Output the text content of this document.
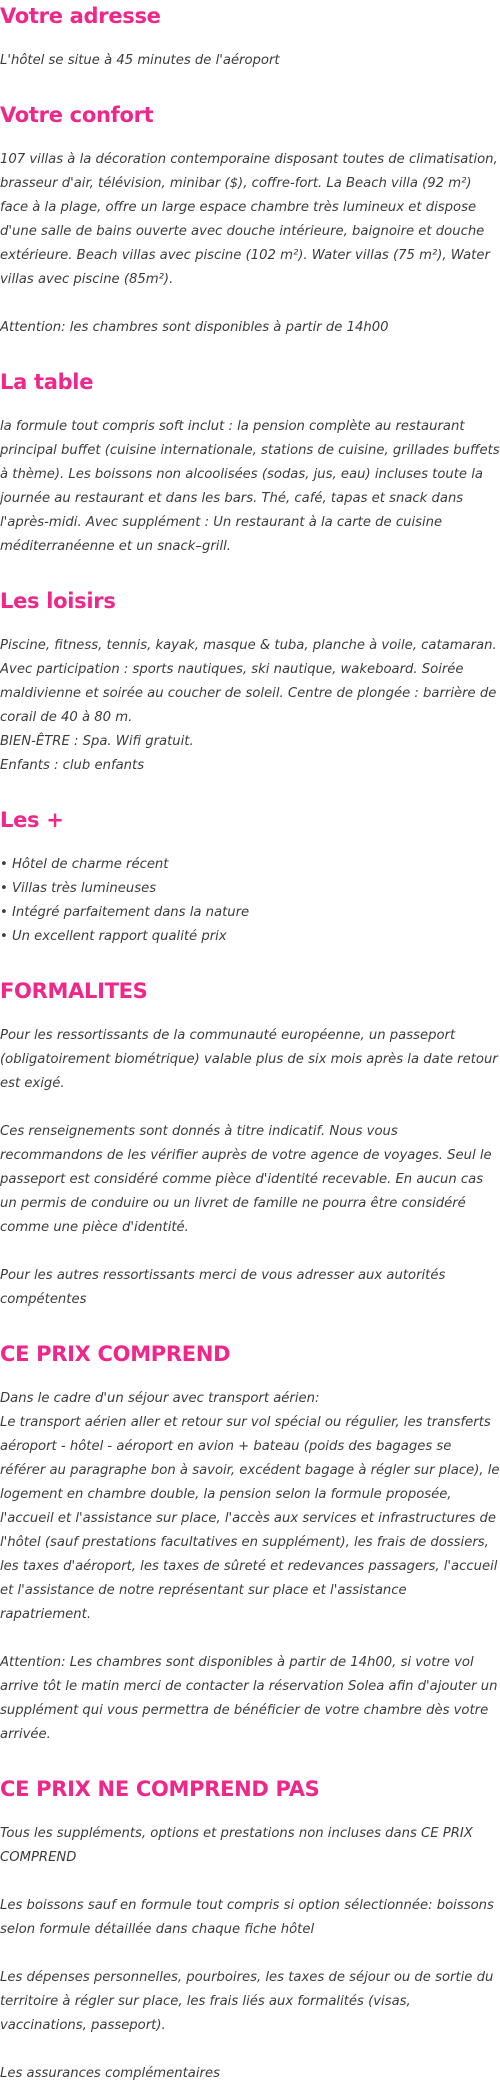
Votre adresse

L'hôtel se situe à 45 minutes de l'aéroport

Votre confort

107 villas à la décoration contemporaine disposant toutes de climatisation, brasseur d'air, télévision, minibar ($), coffre-fort. La Beach villa (92 m²) face à la plage, offre un large espace chambre très lumineux et dispose d'une salle de bains ouverte avec douche intérieure, baignoire et douche extérieure. Beach villas avec piscine (102 m²). Water villas (75 m²), Water villas avec piscine (85m²).

Attention: les chambres sont disponibles à partir de 14h00

La table

la formule tout compris soft inclut : la pension complète au restaurant principal buffet (cuisine internationale, stations de cuisine, grillades buffets à thème). Les boissons non alcoolisées (sodas, jus, eau) incluses toute la journée au restaurant et dans les bars. Thé, café, tapas et snack dans l'après-midi. Avec supplément : Un restaurant à la carte de cuisine méditerranéenne et un snack–grill.

Les loisirs

Piscine, fitness, tennis, kayak, masque & tuba, planche à voile, catamaran. Avec participation : sports nautiques, ski nautique, wakeboard. Soirée maldivienne et soirée au coucher de soleil. Centre de plongée : barrière de corail de 40 à 80 m.

BIEN-ÊTRE : Spa. Wifi gratuit.

Enfants : club enfants

Les +
• Hôtel de charme récent
• Villas très lumineuses
• Intégré parfaitement dans la nature
• Un excellent rapport qualité prix
FORMALITES

Pour les ressortissants de la communauté européenne, un passeport (obligatoirement biométrique) valable plus de six mois après la date retour est exigé.

Ces renseignements sont donnés à titre indicatif. Nous vous recommandons de les vérifier auprès de votre agence de voyages. Seul le passeport est considéré comme pièce d'identité recevable. En aucun cas un permis de conduire ou un livret de famille ne pourra être considéré comme une pièce d'identité.

Pour les autres ressortissants merci de vous adresser aux autorités compétentes

CE PRIX COMPREND

Dans le cadre d'un séjour avec transport aérien:

Le transport aérien aller et retour sur vol spécial ou régulier, les transferts aéroport - hôtel - aéroport en avion + bateau (poids des bagages se référer au paragraphe bon à savoir, excédent bagage à régler sur place), le logement en chambre double, la pension selon la formule proposée, l'accueil et l'assistance sur place, l'accès aux services et infrastructures de l'hôtel (sauf prestations facultatives en supplément), les frais de dossiers, les taxes d'aéroport, les taxes de sûreté et redevances passagers, l'accueil et l'assistance de notre représentant sur place et l'assistance rapatriement.

Attention: Les chambres sont disponibles à partir de 14h00, si votre vol arrive tôt le matin merci de contacter la réservation Solea afin d'ajouter un supplément qui vous permettra de bénéficier de votre chambre dès votre arrivée.

CE PRIX NE COMPREND PAS

Tous les suppléments, options et prestations non incluses dans CE PRIX COMPREND

Les boissons sauf en formule tout compris si option sélectionnée: boissons selon formule détaillée dans chaque fiche hôtel

Les dépenses personnelles, pourboires, les taxes de séjour ou de sortie du territoire à régler sur place, les frais liés aux formalités (visas, vaccinations, passeport).

Les assurances complémentaires
